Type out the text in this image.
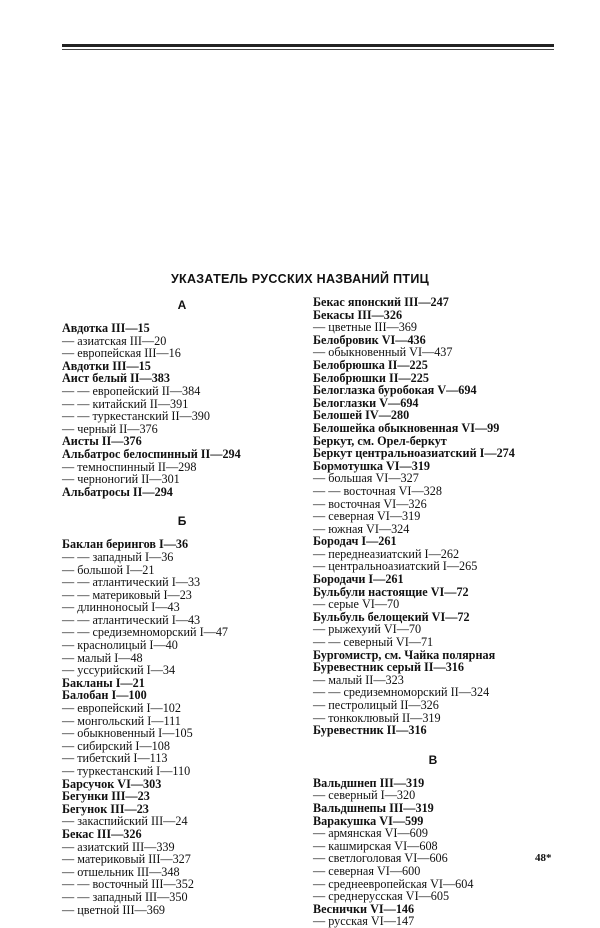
УКАЗАТЕЛЬ РУССКИХ НАЗВАНИЙ ПТИЦ
А
Авдотка III—15
— азиатская III—20
— европейская III—16
Авдотки III—15
Аист белый II—383
— — европейский II—384
— — китайский II—391
— — туркестанский II—390
— черный II—376
Аисты II—376
Альбатрос белоспинный II—294
— темноспинный II—298
— черноногий II—301
Альбатросы II—294
Б
Баклан берингов I—36
— — западный I—36
— большой I—21
— — атлантический I—33
— — материковый I—23
— длинноносый I—43
— — атлантический I—43
— — средиземноморский I—47
— краснолицый I—40
— малый I—48
— уссурийский I—34
Бакланы I—21
Балобан I—100
— европейский I—102
— монгольский I—111
— обыкновенный I—105
— сибирский I—108
— тибетский I—113
— туркестанский I—110
Барсучок VI—303
Бегунки III—23
Бегунок III—23
— закаспийский III—24
Бекас III—326
— азиатский III—339
— материковый III—327
— отшельник III—348
— — восточный III—352
— — западный III—350
— цветной III—369
Бекас японский III—247
Бекасы III—326
— цветные III—369
Белобровик VI—436
— обыкновенный VI—437
Белобрюшка II—225
Белобрюшки II—225
Белоглазка буробокая V—694
Белоглазки V—694
Белошей IV—280
Белошейка обыкновенная VI—99
Беркут, см. Орел-беркут
Беркут центральноазиатский I—274
Бормотушка VI—319
— большая VI—327
— — восточная VI—328
— восточная VI—326
— северная VI—319
— южная VI—324
Бородач I—261
— переднеазиатский I—262
— центральноазиатский I—265
Бородачи I—261
Бульбули настоящие VI—72
— серые VI—70
Бульбуль белощекий VI—72
— рыжехуий VI—70
— — северный VI—71
Бургомистр, см. Чайка полярная
Буревестник серый II—316
— малый II—323
— — средиземноморский II—324
— пестролицый II—326
— тонкоклювый II—319
Буревестник II—316
В
Вальдшнеп III—319
— северный I—320
Вальдшнепы III—319
Варакушка VI—599
— армянская VI—609
— кашмирская VI—608
— светлоголовая VI—606
— северная VI—600
— среднеевропейская VI—604
— среднерусская VI—605
Веснички VI—146
— русская VI—147
48*
